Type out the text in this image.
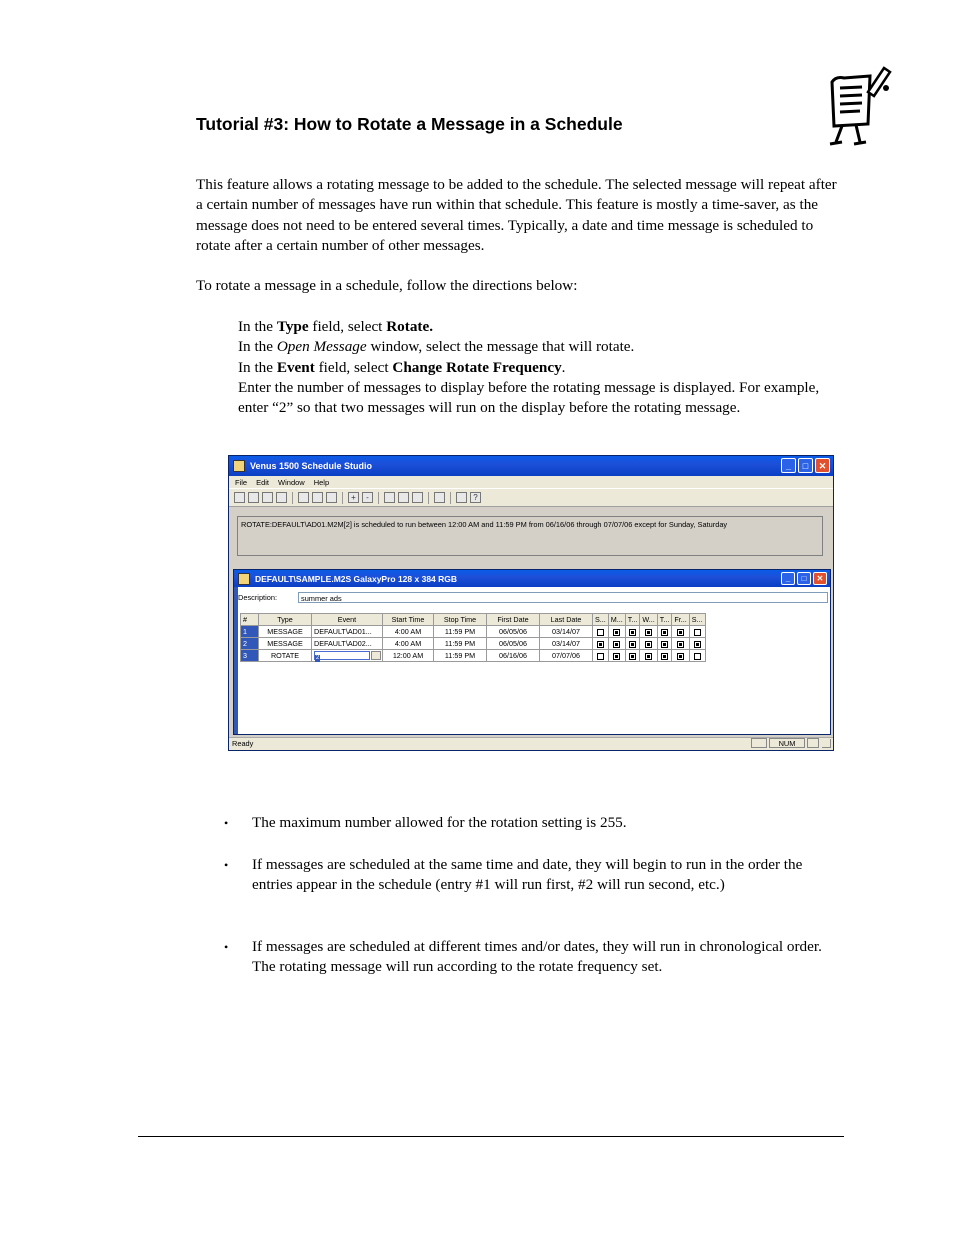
Tutorial #3: How to Rotate a Message in a Schedule
This feature allows a rotating message to be added to the schedule. The selected message will repeat after a certain number of messages have run within that schedule. This feature is mostly a time-saver, as the message does not need to be entered several times. Typically, a date and time message is scheduled to rotate after a certain number of other messages.
To rotate a message in a schedule, follow the directions below:
In the Type field, select Rotate.
In the Open Message window, select the message that will rotate.
In the Event field, select Change Rotate Frequency.
Enter the number of messages to display before the rotating message is displayed. For example, enter “2” so that two messages will run on the display before the rotating message.
Venus 1500 Schedule Studio	_	□	✕
File Edit Window Help
+	-	?
ROTATE:DEFAULT\AD01.M2M[2] is scheduled to run between 12:00 AM and 11:59 PM from 06/16/06 through 07/07/06 except for Sunday, Saturday
DEFAULT\SAMPLE.M2S GalaxyPro 128 x 384 RGB	_	□	✕
Description:	summer ads
#	Type	Event	Start Time	Stop Time	First Date	Last Date	S...	M...	T...	W...	T...	Fr...	S...
1	MESSAGE	DEFAULT\AD01...	4:00 AM	11:59 PM	06/05/06	03/14/07							
2	MESSAGE	DEFAULT\AD02...	4:00 AM	11:59 PM	06/05/06	03/14/07							
3	ROTATE	2	12:00 AM	11:59 PM	06/16/06	07/07/06							
Ready	NUM
• The maximum number allowed for the rotation setting is 255.
• If messages are scheduled at the same time and date, they will begin to run in the order the entries appear in the schedule (entry #1 will run first, #2 will run second, etc.)
• If messages are scheduled at different times and/or dates, they will run in chronological order. The rotating message will run according to the rotate frequency set.
